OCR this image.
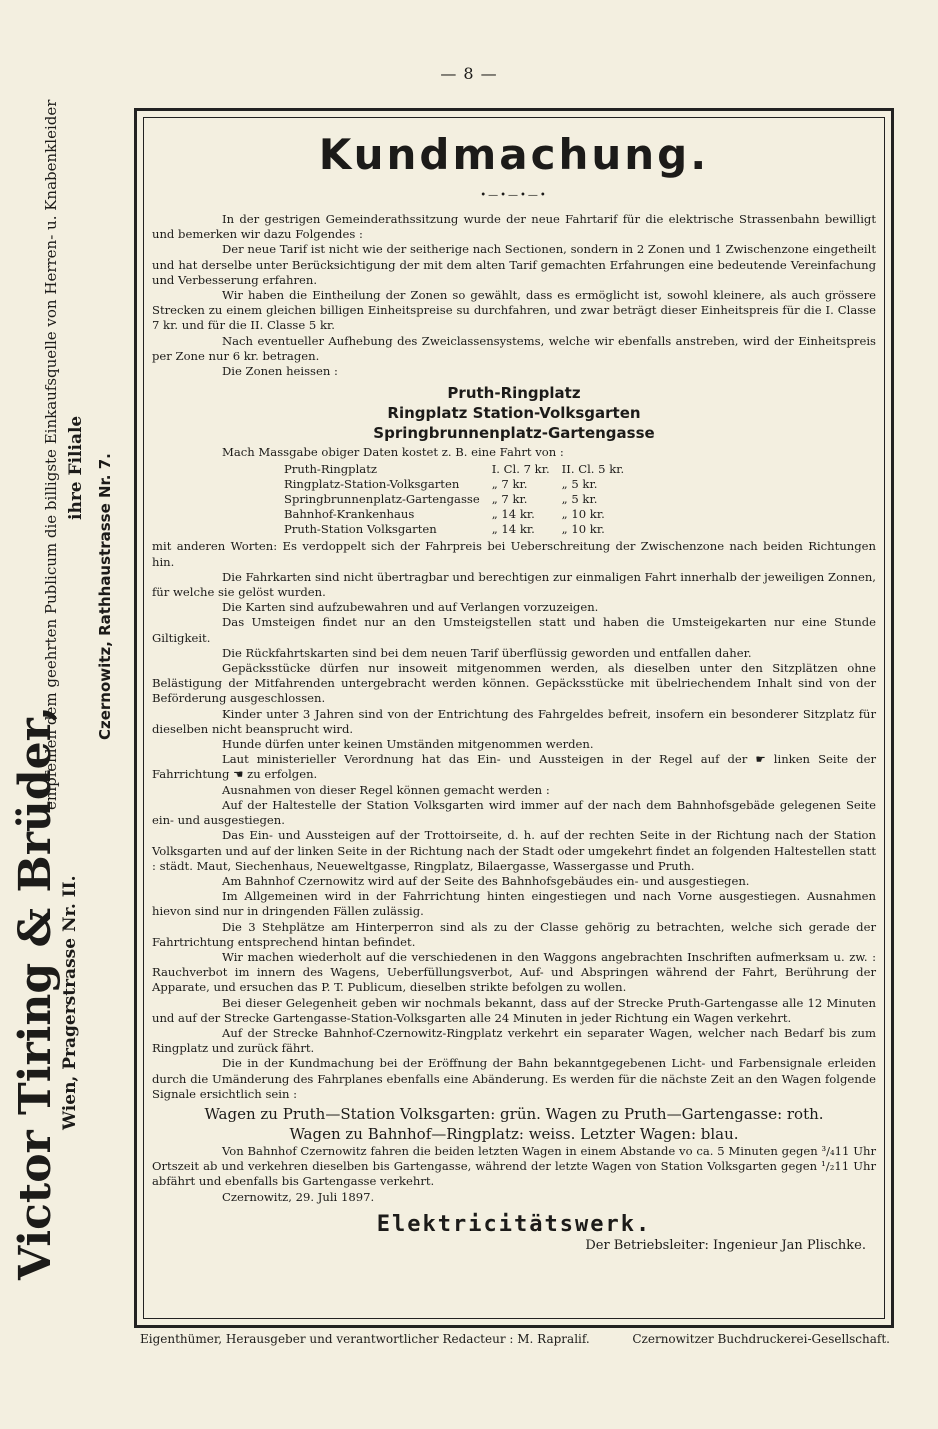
— 8 —
Victor Tiring & Brüder,
empfehlen dem geehrten Publicum die billigste Einkaufsquelle von Herren- u. Knabenkleider
Wien, Pragerstrasse Nr. II.
ihre Filiale Czernowitz, Rathhaustrasse Nr. 7.
Kundmachung.
•—•—•—•

In der gestrigen Gemeinderathssitzung wurde der neue Fahrtarif für die elektrische Strassenbahn bewilligt und bemerken wir dazu Folgendes :

Der neue Tarif ist nicht wie der seitherige nach Sectionen, sondern in 2 Zonen und 1 Zwischenzone eingetheilt und hat derselbe unter Berücksichtigung der mit dem alten Tarif gemachten Erfahrungen eine bedeutende Vereinfachung und Verbesserung erfahren.

Wir haben die Eintheilung der Zonen so gewählt, dass es ermöglicht ist, sowohl kleinere, als auch grössere Strecken zu einem gleichen billigen Einheitspreise su durchfahren, und zwar beträgt dieser Einheitspreis für die I. Classe 7 kr. und für die II. Classe 5 kr.

Nach eventueller Aufhebung des Zweiclassensystems, welche wir ebenfalls anstreben, wird der Einheitspreis per Zone nur 6 kr. betragen.

Die Zonen heissen :

Pruth-Ringplatz
Ringplatz Station-Volksgarten
Springbrunnenplatz-Gartengasse

Mach Massgabe obiger Daten kostet z. B. eine Fahrt von :

Pruth-Ringplatz	I. Cl. 7 kr.	II. Cl. 5 kr.
Ringplatz-Station-Volksgarten	„ 7 kr.	„ 5 kr.
Springbrunnenplatz-Gartengasse	„ 7 kr.	„ 5 kr.
Bahnhof-Krankenhaus	„ 14 kr.	„ 10 kr.
Pruth-Station Volksgarten	„ 14 kr.	„ 10 kr.

mit anderen Worten: Es verdoppelt sich der Fahrpreis bei Ueberschreitung der Zwischenzone nach beiden Richtungen hin.

Die Fahrkarten sind nicht übertragbar und berechtigen zur einmaligen Fahrt innerhalb der jeweiligen Zonnen, für welche sie gelöst wurden.

Die Karten sind aufzubewahren und auf Verlangen vorzuzeigen.

Das Umsteigen findet nur an den Umsteigstellen statt und haben die Umsteigekarten nur eine Stunde Giltigkeit.

Die Rückfahrtskarten sind bei dem neuen Tarif überflüssig geworden und entfallen daher.

Gepäcksstücke dürfen nur insoweit mitgenommen werden, als dieselben unter den Sitzplätzen ohne Belästigung der Mitfahrenden untergebracht werden können. Gepäcksstücke mit übelriechendem Inhalt sind von der Beförderung ausgeschlossen.

Kinder unter 3 Jahren sind von der Entrichtung des Fahrgeldes befreit, insofern ein besonderer Sitzplatz für dieselben nicht beansprucht wird.

Hunde dürfen unter keinen Umständen mitgenommen werden.

Laut ministerieller Verordnung hat das Ein- und Aussteigen in der Regel auf der ☛ linken Seite der Fahrrichtung ☚ zu erfolgen.

Ausnahmen von dieser Regel können gemacht werden :

Auf der Haltestelle der Station Volksgarten wird immer auf der nach dem Bahnhofsgebäde gelegenen Seite ein- und ausgestiegen.

Das Ein- und Aussteigen auf der Trottoirseite, d. h. auf der rechten Seite in der Richtung nach der Station Volksgarten und auf der linken Seite in der Richtung nach der Stadt oder umgekehrt findet an folgenden Haltestellen statt : städt. Maut, Siechenhaus, Neueweltgasse, Ringplatz, Bilaergasse, Wassergasse und Pruth.

Am Bahnhof Czernowitz wird auf der Seite des Bahnhofsgebäudes ein- und ausgestiegen.

Im Allgemeinen wird in der Fahrrichtung hinten eingestiegen und nach Vorne ausgestiegen. Ausnahmen hievon sind nur in dringenden Fällen zulässig.

Die 3 Stehplätze am Hinterperron sind als zu der Classe gehörig zu betrachten, welche sich gerade der Fahrtrichtung entsprechend hintan befindet.

Wir machen wiederholt auf die verschiedenen in den Waggons angebrachten Inschriften aufmerksam u. zw. : Rauchverbot im innern des Wagens, Ueberfüllungsverbot, Auf- und Abspringen während der Fahrt, Berührung der Apparate, und ersuchen das P. T. Publicum, dieselben strikte befolgen zu wollen.

Bei dieser Gelegenheit geben wir nochmals bekannt, dass auf der Strecke Pruth-Gartengasse alle 12 Minuten und auf der Strecke Gartengasse-Station-Volksgarten alle 24 Minuten in jeder Richtung ein Wagen verkehrt.

Auf der Strecke Bahnhof-Czernowitz-Ringplatz verkehrt ein separater Wagen, welcher nach Bedarf bis zum Ringplatz und zurück fährt.

Die in der Kundmachung bei der Eröffnung der Bahn bekanntgegebenen Licht- und Farbensignale erleiden durch die Umänderung des Fahrplanes ebenfalls eine Abänderung. Es werden für die nächste Zeit an den Wagen folgende Signale ersichtlich sein :

Wagen zu Pruth—Station Volksgarten: grün. Wagen zu Pruth—Gartengasse: roth.
Wagen zu Bahnhof—Ringplatz: weiss. Letzter Wagen: blau.

Von Bahnhof Czernowitz fahren die beiden letzten Wagen in einem Abstande vo ca. 5 Minuten gegen ³/₄11 Uhr Ortszeit ab und verkehren dieselben bis Gartengasse, während der letzte Wagen von Station Volksgarten gegen ¹/₂11 Uhr abfährt und ebenfalls bis Gartengasse verkehrt.

Czernowitz, 29. Juli 1897.

Elektricitätswerk.
Der Betriebsleiter: Ingenieur Jan Plischke.
Eigenthümer, Herausgeber und verantwortlicher Redacteur : M. Rapralif.	Czernowitzer Buchdruckerei-Gesellschaft.
